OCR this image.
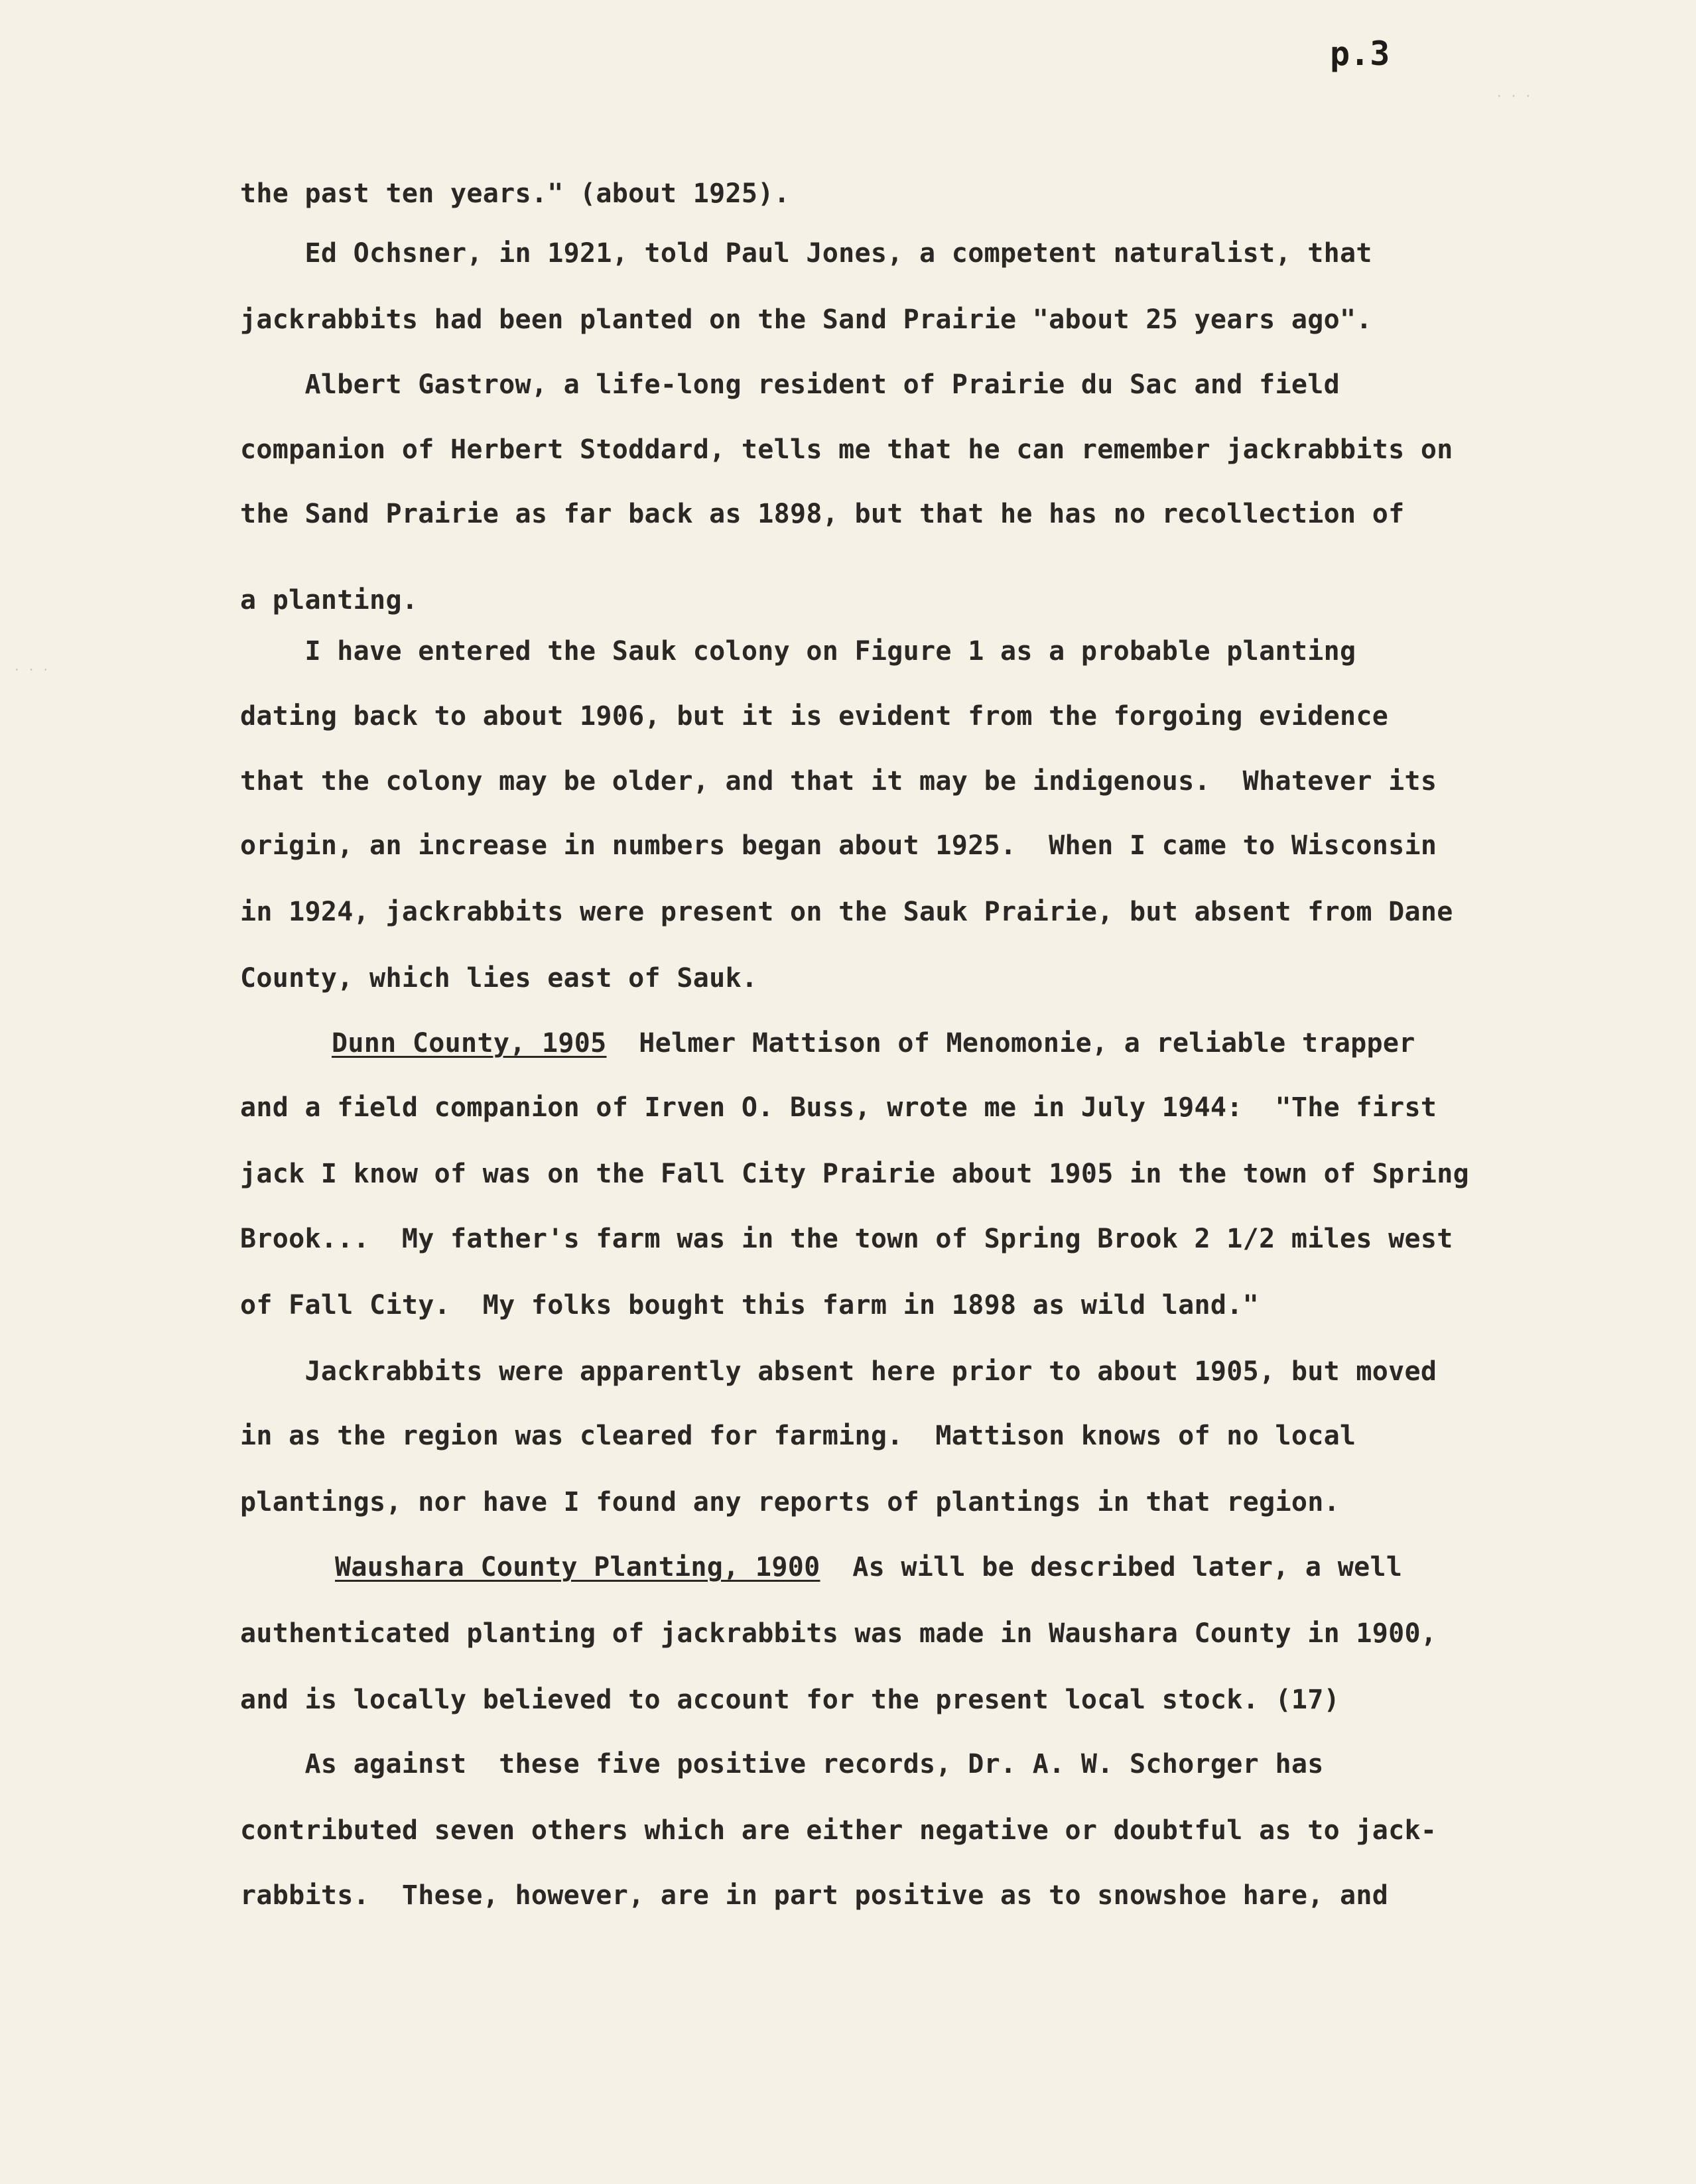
p.3
the past ten years." (about 1925).
Ed Ochsner, in 1921, told Paul Jones, a competent naturalist, that
jackrabbits had been planted on the Sand Prairie "about 25 years ago".
Albert Gastrow, a life-long resident of Prairie du Sac and field
companion of Herbert Stoddard, tells me that he can remember jackrabbits on
the Sand Prairie as far back as 1898, but that he has no recollection of
a planting.
I have entered the Sauk colony on Figure 1 as a probable planting
dating back to about 1906, but it is evident from the forgoing evidence
that the colony may be older, and that it may be indigenous.  Whatever its
origin, an increase in numbers began about 1925.  When I came to Wisconsin
in 1924, jackrabbits were present on the Sauk Prairie, but absent from Dane
County, which lies east of Sauk.
Dunn County, 1905 Helmer Mattison of Menomonie, a reliable trapper
and a field companion of Irven O. Buss, wrote me in July 1944:  "The first
jack I know of was on the Fall City Prairie about 1905 in the town of Spring
Brook...  My father's farm was in the town of Spring Brook 2 1/2 miles west
of Fall City.  My folks bought this farm in 1898 as wild land."
Jackrabbits were apparently absent here prior to about 1905, but moved
in as the region was cleared for farming.  Mattison knows of no local
plantings, nor have I found any reports of plantings in that region.
Waushara County Planting, 1900 As will be described later, a well
authenticated planting of jackrabbits was made in Waushara County in 1900,
and is locally believed to account for the present local stock. (17)
As against  these five positive records, Dr. A. W. Schorger has
contributed seven others which are either negative or doubtful as to jack-
rabbits.  These, however, are in part positive as to snowshoe hare, and
· · ·
· · ·
